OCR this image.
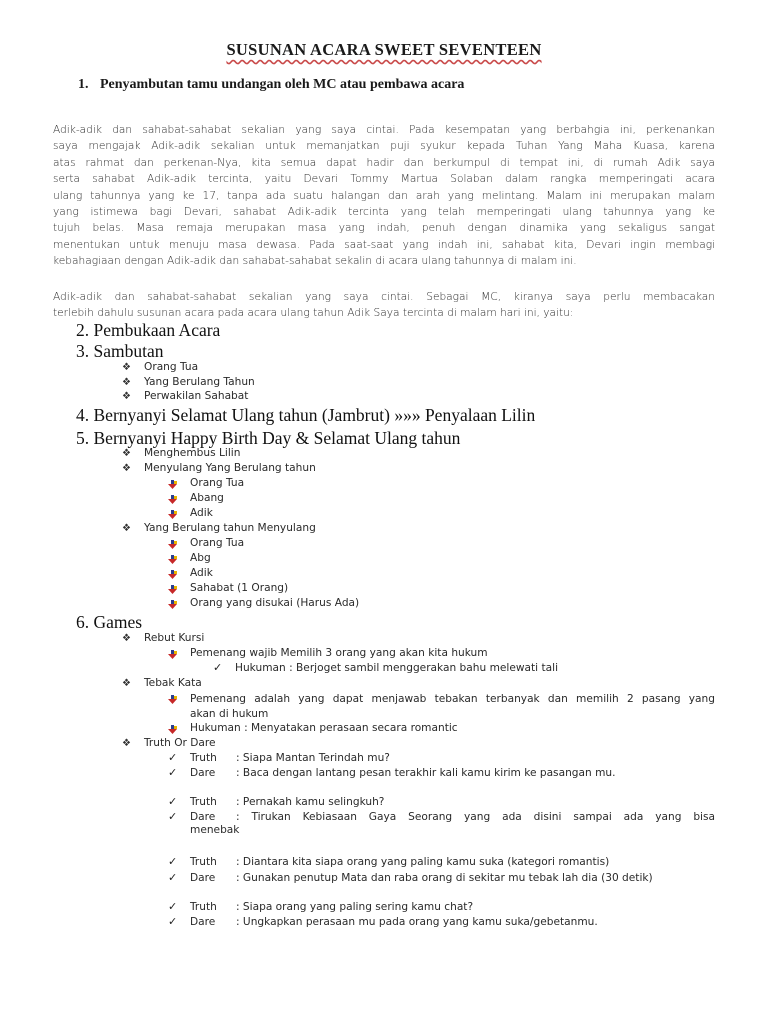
SUSUNAN ACARA SWEET SEVENTEEN
1. Penyambutan tamu undangan oleh MC atau pembawa acara
Adik-adik dan sahabat-sahabat sekalian yang saya cintai. Pada kesempatan yang berbahgia ini, perkenankan
saya mengajak Adik-adik sekalian untuk memanjatkan puji syukur kepada Tuhan Yang Maha Kuasa, karena
atas rahmat dan perkenan-Nya, kita semua dapat hadir dan berkumpul di tempat ini, di rumah Adik saya
serta sahabat Adik-adik tercinta, yaitu Devari Tommy Martua Solaban dalam rangka memperingati acara
ulang tahunnya yang ke 17, tanpa ada suatu halangan dan arah yang melintang. Malam ini merupakan malam
yang istimewa bagi Devari, sahabat Adik-adik tercinta yang telah memperingati ulang tahunnya yang ke
tujuh belas. Masa remaja merupakan masa yang indah, penuh dengan dinamika yang sekaligus sangat
menentukan untuk menuju masa dewasa. Pada saat-saat yang indah ini, sahabat kita, Devari ingin membagi
kebahagiaan dengan Adik-adik dan sahabat-sahabat sekalin di acara ulang tahunnya di malam ini.
Adik-adik dan sahabat-sahabat sekalian yang saya cintai. Sebagai MC, kiranya saya perlu membacakan
terlebih dahulu susunan acara pada acara ulang tahun Adik Saya tercinta di malam hari ini, yaitu:
2. Pembukaan Acara
3. Sambutan
❖ Orang Tua
❖ Yang Berulang Tahun
❖ Perwakilan Sahabat
4. Bernyanyi Selamat Ulang tahun (Jambrut) »»» Penyalaan Lilin
5. Bernyanyi Happy Birth Day & Selamat Ulang tahun
❖ Menghembus Lilin
❖ Menyulang Yang Berulang tahun
Orang Tua
Abang
Adik
❖ Yang Berulang tahun Menyulang
Orang Tua
Abg
Adik
Sahabat (1 Orang)
Orang yang disukai (Harus Ada)
6. Games
❖ Rebut Kursi
Pemenang wajib Memilih 3 orang yang akan kita hukum
✓ Hukuman : Berjoget sambil menggerakan bahu melewati tali
❖ Tebak Kata
Pemenang adalah yang dapat menjawab tebakan terbanyak dan memilih 2 pasang yang
akan di hukum
Hukuman : Menyatakan perasaan secara romantic
❖ Truth Or Dare
✓ Truth : Siapa Mantan Terindah mu?
✓ Dare : Baca dengan lantang pesan terakhir kali kamu kirim ke pasangan mu.
✓ Truth : Pernakah kamu selingkuh?
✓ Dare	: Tirukan Kebiasaan Gaya Seorang yang ada disini sampai ada yang bisa
menebak
✓ Truth : Diantara kita siapa orang yang paling kamu suka (kategori romantis)
✓ Dare : Gunakan penutup Mata dan raba orang di sekitar mu tebak lah dia (30 detik)
✓ Truth : Siapa orang yang paling sering kamu chat?
✓ Dare : Ungkapkan perasaan mu pada orang yang kamu suka/gebetanmu.
